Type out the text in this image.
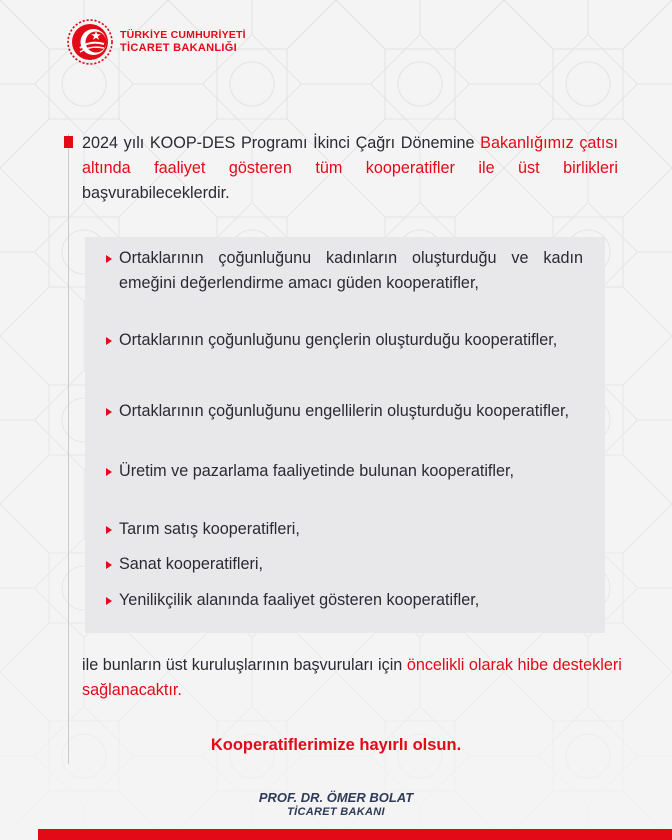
TÜRKİYE CUMHURİYETİ
TİCARET BAKANLIĞI

2024 yılı KOOP-DES Programı İkinci Çağrı Dönemine Bakanlığımız çatısı altında faaliyet gösteren tüm kooperatifler ile üst birlikleri başvurabileceklerdir.

Ortaklarının çoğunluğunu kadınların oluşturduğu ve kadın emeğini değerlendirme amacı güden kooperatifler,
Ortaklarının çoğunluğunu gençlerin oluşturduğu kooperatifler,
Ortaklarının çoğunluğunu engellilerin oluşturduğu kooperatifler,
Üretim ve pazarlama faaliyetinde bulunan kooperatifler,
Tarım satış kooperatifleri,
Sanat kooperatifleri,
Yenilikçilik alanında faaliyet gösteren kooperatifler,

ile bunların üst kuruluşlarının başvuruları için öncelikli olarak hibe destekleri sağlanacaktır.

Kooperatiflerimize hayırlı olsun.
PROF. DR. ÖMER BOLAT
TİCARET BAKANI
